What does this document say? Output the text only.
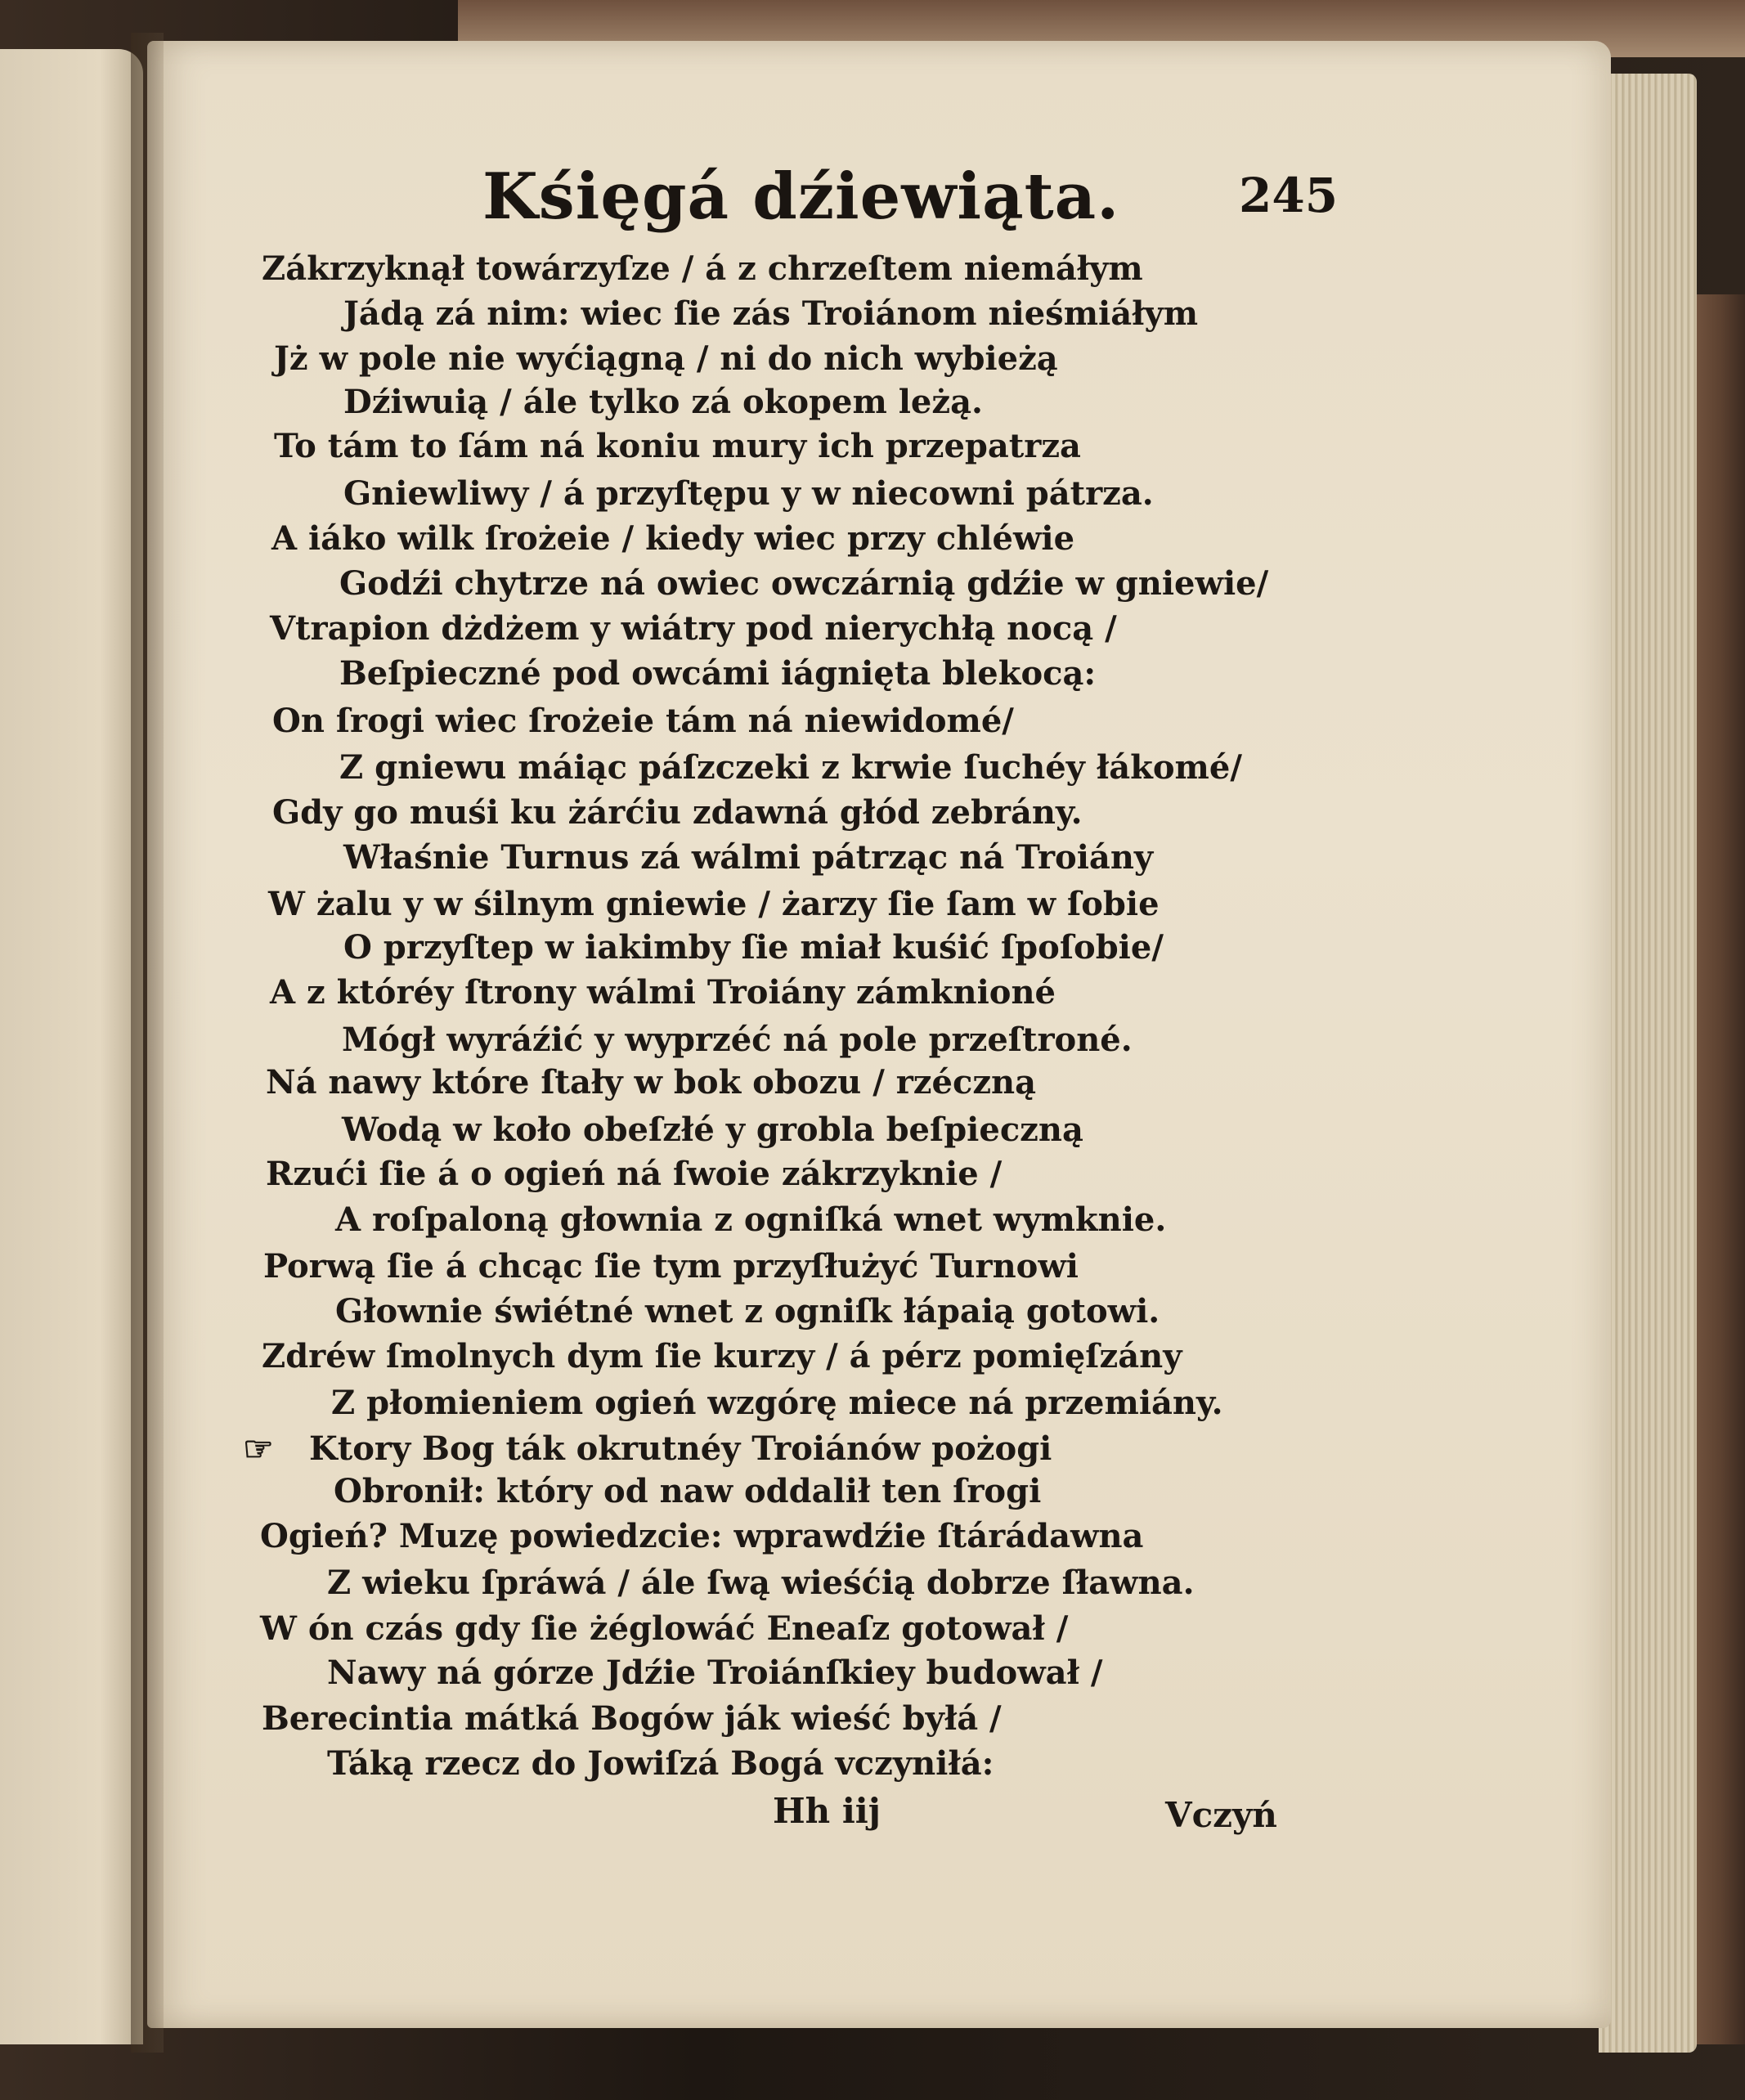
Kśięgá dźiewiąta.	245
Zákrzyknął towárzyſze / á z chrzeſtem niemáłym
Jádą zá nim: wiec ſie zás Troiánom nieśmiáłym
Jż w pole nie wyćiągną / ni do nich wybieżą
Dźiwuią / ále tylko zá okopem leżą.
To tám to ſám ná koniu mury ich przepatrza
Gniewliwy / á przyſtępu y w niecowni pátrza.
A iáko wilk ſrożeie / kiedy wiec przy chléwie
Godźi chytrze ná owiec owczárnią gdźie w gniewie/
Vtrapion dżdżem y wiátry pod nierychłą nocą /
Beſpieczné pod owcámi iágnięta blekocą:
On ſrogi wiec ſrożeie tám ná niewidomé/
Z gniewu máiąc páſzczeki z krwie ſuchéy łákomé/
Gdy go muśi ku żárćiu zdawná głód zebrány.
Właśnie Turnus zá wálmi pátrząc ná Troiány
W żalu y w śilnym gniewie / żarzy ſie ſam w ſobie
O przyſtep w iakimby ſie miał kuśić ſpoſobie/
A z któréy ſtrony wálmi Troiány zámknioné
Mógł wyráźić y wyprzéć ná pole przeſtroné.
Ná nawy które ſtały w bok obozu / rzéczną
Wodą w koło obeſzłé y grobla beſpieczną
Rzući ſie á o ogień ná ſwoie zákrzyknie /
A roſpaloną głownia z ogniſká wnet wymknie.
Porwą ſie á chcąc ſie tym przyſłużyć Turnowi
Głownie świétné wnet z ogniſk łápaią gotowi.
Zdréw ſmolnych dym ſie kurzy / á pérz pomięſzány
Z płomieniem ogień wzgórę miece ná przemiány.
Ktory Bog ták okrutnéy Troiánów pożogi
Obronił: który od naw oddalił ten ſrogi
Ogień? Muzę powiedzcie: wprawdźie ſtárádawna
Z wieku ſpráwá / ále ſwą wieśćią dobrze ſławna.
W ón czás gdy ſie żéglowáć Eneaſz gotował /
Nawy ná górze Jdźie Troiánſkiey budował /
Berecintia mátká Bogów ják wieść byłá /
Táką rzecz do Jowiſzá Bogá vczyniłá:
☞
Hh iij	Vczyń
